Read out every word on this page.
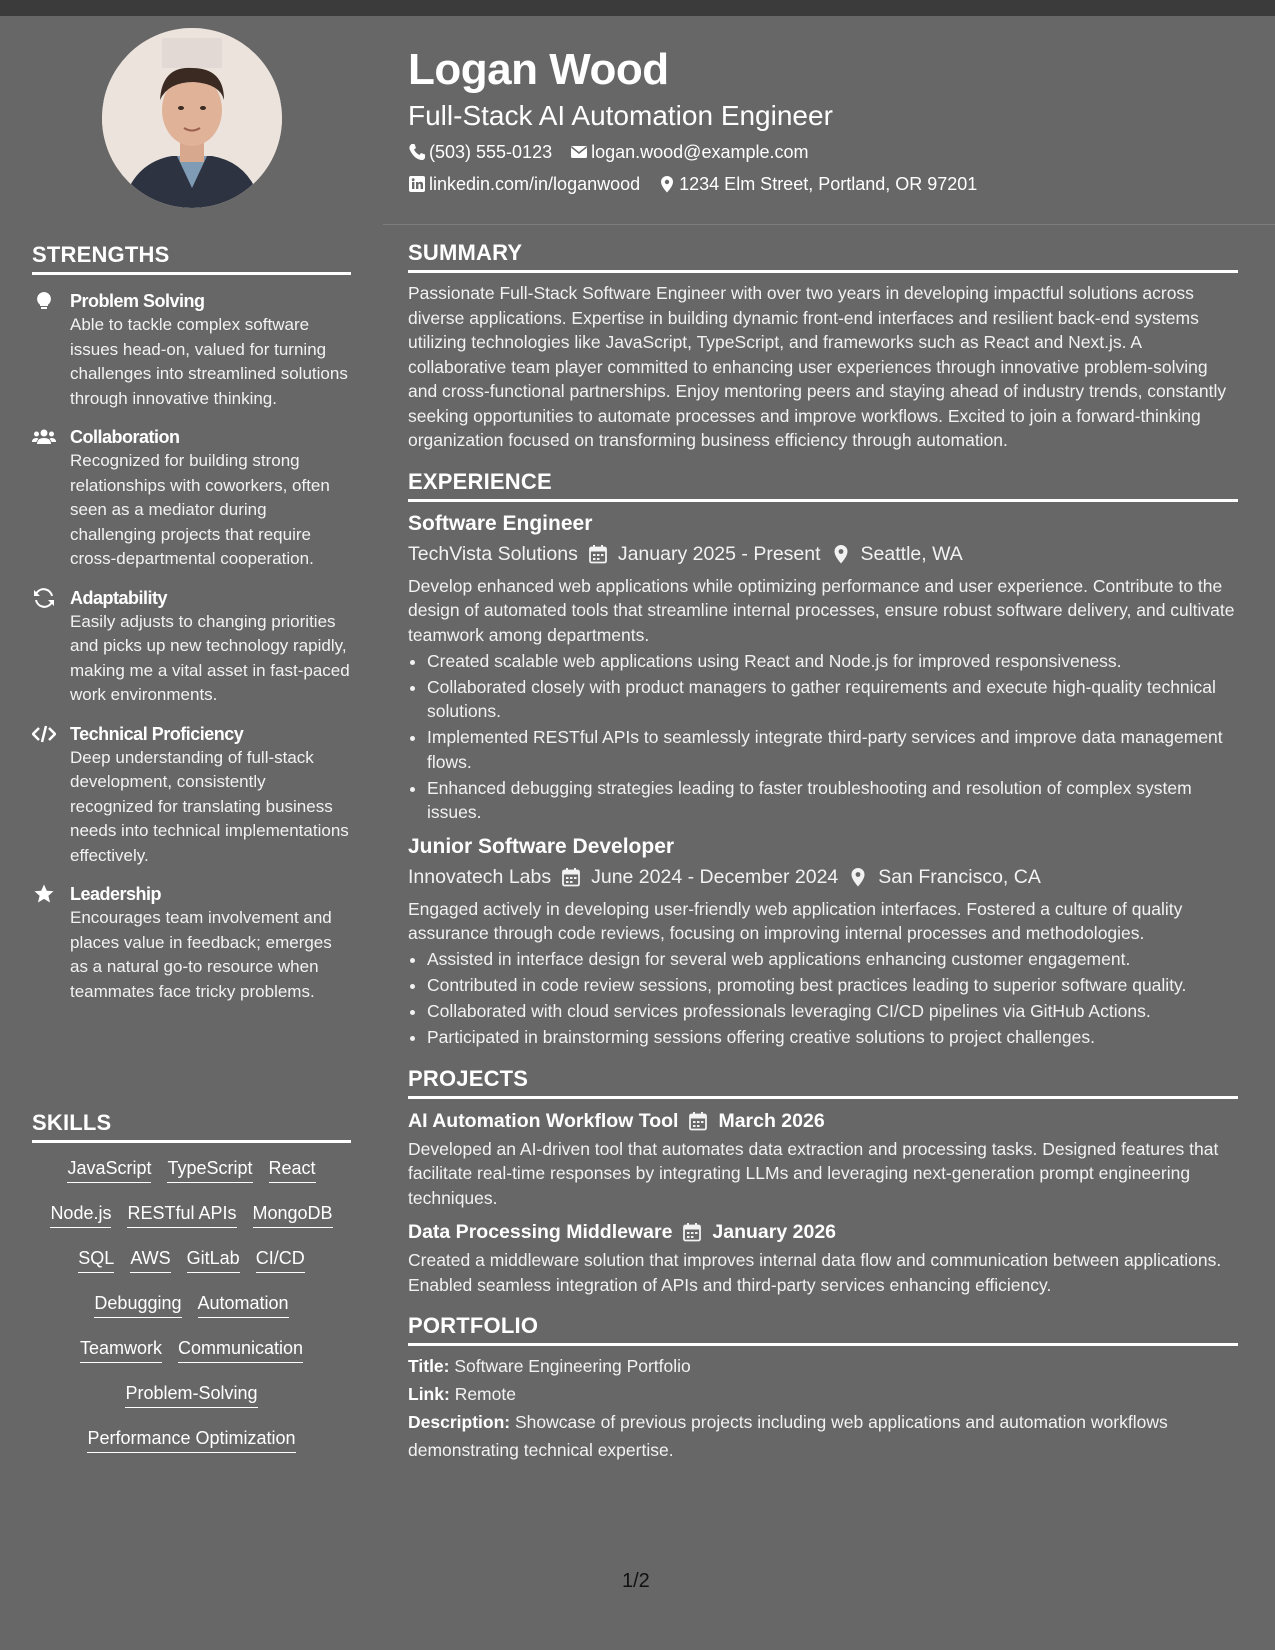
STRENGTHS
Problem Solving
Able to tackle complex software issues head-on, valued for turning challenges into streamlined solutions through innovative thinking.
Collaboration
Recognized for building strong relationships with coworkers, often seen as a mediator during challenging projects that require cross-departmental cooperation.
Adaptability
Easily adjusts to changing priorities and picks up new technology rapidly, making me a vital asset in fast-paced work environments.
Technical Proficiency
Deep understanding of full-stack development, consistently recognized for translating business needs into technical implementations effectively.
Leadership
Encourages team involvement and places value in feedback; emerges as a natural go-to resource when teammates face tricky problems.
SKILLS
JavaScript TypeScript React
Node.js RESTful APIs MongoDB
SQL AWS GitLab CI/CD
Debugging Automation
Teamwork Communication
Problem-Solving
Performance Optimization
Logan Wood
Full-Stack AI Automation Engineer
(503) 555-0123 logan.wood@example.com
linkedin.com/in/loganwood 1234 Elm Street, Portland, OR 97201
SUMMARY

Passionate Full-Stack Software Engineer with over two years in developing impactful solutions across diverse applications. Expertise in building dynamic front-end interfaces and resilient back-end systems utilizing technologies like JavaScript, TypeScript, and frameworks such as React and Next.js. A collaborative team player committed to enhancing user experiences through innovative problem-solving and cross-functional partnerships. Enjoy mentoring peers and staying ahead of industry trends, constantly seeking opportunities to automate processes and improve workflows. Excited to join a forward-thinking organization focused on transforming business efficiency through automation.

EXPERIENCE
Software Engineer
TechVista Solutions January 2025 - Present Seattle, WA

Develop enhanced web applications while optimizing performance and user experience. Contribute to the design of automated tools that streamline internal processes, ensure robust software delivery, and cultivate teamwork among departments.

• Created scalable web applications using React and Node.js for improved responsiveness.
• Collaborated closely with product managers to gather requirements and execute high-quality technical solutions.
• Implemented RESTful APIs to seamlessly integrate third-party services and improve data management flows.
• Enhanced debugging strategies leading to faster troubleshooting and resolution of complex system issues.
Junior Software Developer
Innovatech Labs June 2024 - December 2024 San Francisco, CA

Engaged actively in developing user-friendly web application interfaces. Fostered a culture of quality assurance through code reviews, focusing on improving internal processes and methodologies.

• Assisted in interface design for several web applications enhancing customer engagement.
• Contributed in code review sessions, promoting best practices leading to superior software quality.
• Collaborated with cloud services professionals leveraging CI/CD pipelines via GitHub Actions.
• Participated in brainstorming sessions offering creative solutions to project challenges.
PROJECTS
AI Automation Workflow Tool March 2026

Developed an AI-driven tool that automates data extraction and processing tasks. Designed features that facilitate real-time responses by integrating LLMs and leveraging next-generation prompt engineering techniques.

Data Processing Middleware January 2026

Created a middleware solution that improves internal data flow and communication between applications. Enabled seamless integration of APIs and third-party services enhancing efficiency.

PORTFOLIO
Title: Software Engineering Portfolio
Link: Remote
Description: Showcase of previous projects including web applications and automation workflows demonstrating technical expertise.
1/2
